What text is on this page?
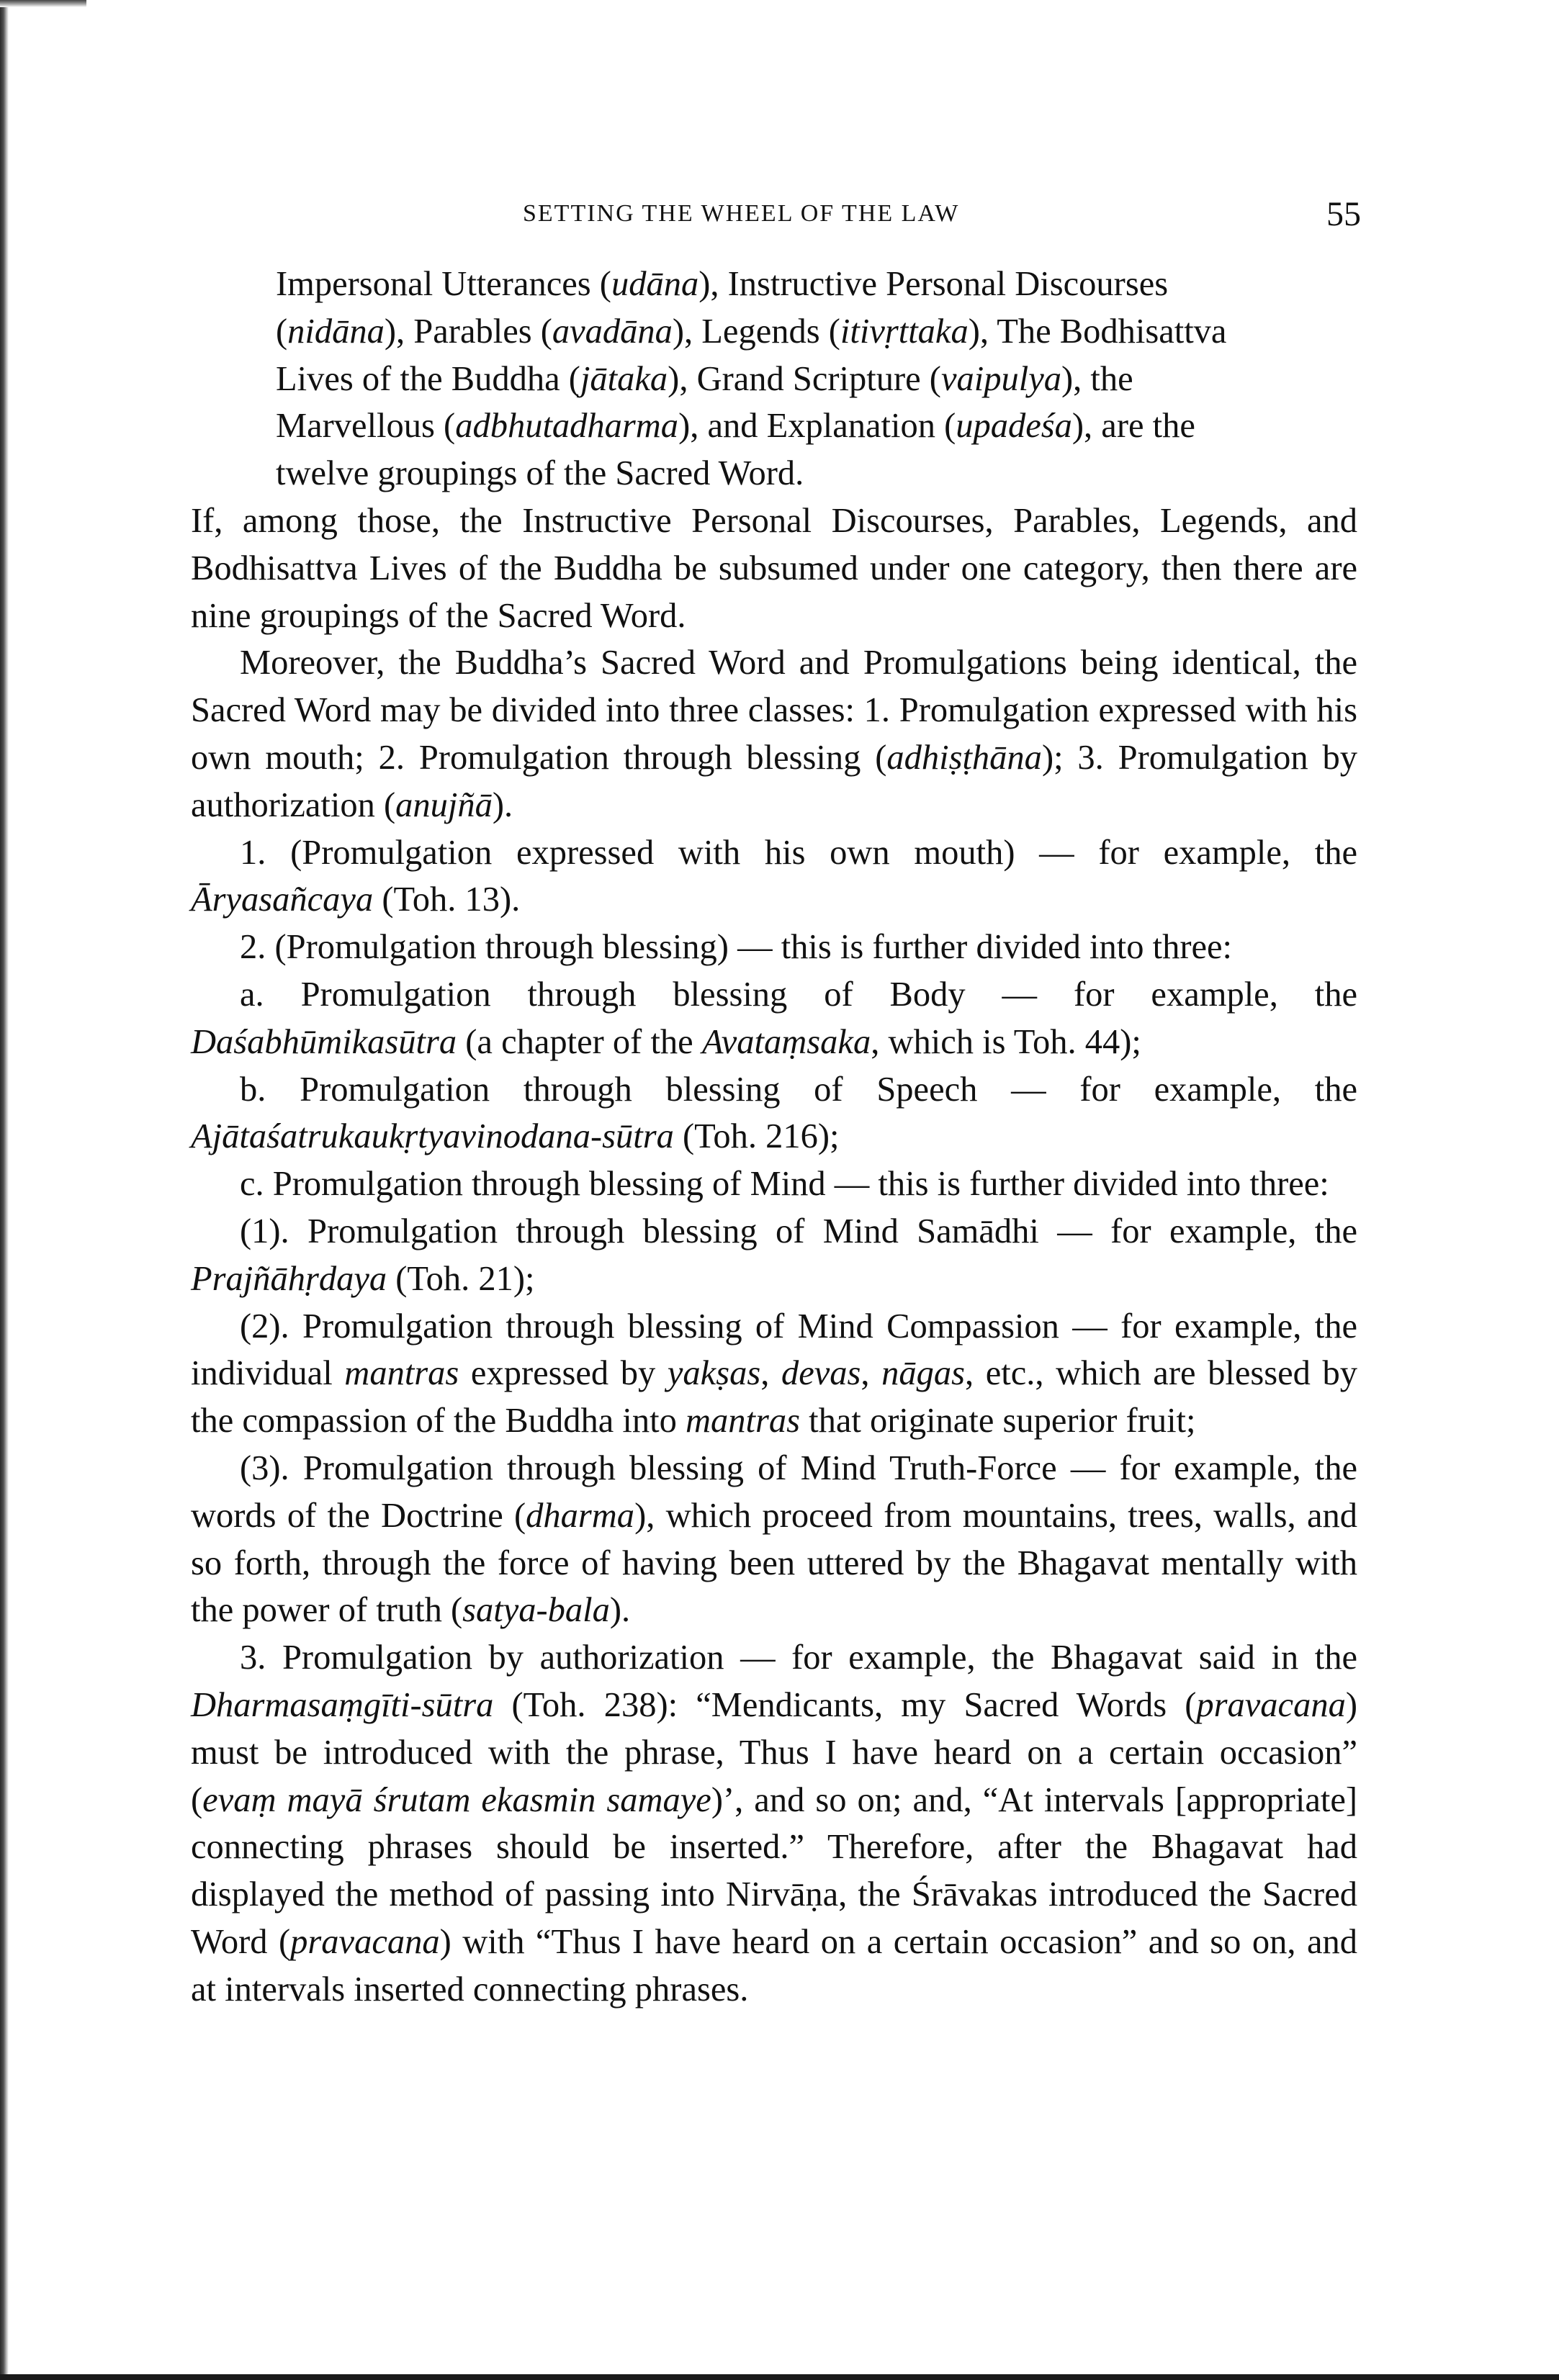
SETTING THE WHEEL OF THE LAW	55

Impersonal Utterances (udāna), Instructive Personal Discourses (nidāna), Parables (avadāna), Legends (itivṛttaka), The Bodhisattva Lives of the Buddha (jātaka), Grand Scripture (vaipulya), the Marvellous (adbhutadharma), and Explanation (upadeśa), are the twelve groupings of the Sacred Word.

If, among those, the Instructive Personal Discourses, Parables, Legends, and Bodhisattva Lives of the Buddha be subsumed under one category, then there are nine groupings of the Sacred Word.

Moreover, the Buddha’s Sacred Word and Promulgations being identical, the Sacred Word may be divided into three classes: 1. Promulgation expressed with his own mouth; 2. Promulgation through blessing (adhiṣṭhāna); 3. Promulgation by authorization (anujñā).

1. (Promulgation expressed with his own mouth) — for example, the Āryasañcaya (Toh. 13).

2. (Promulgation through blessing) — this is further divided into three:

a. Promulgation through blessing of Body — for example, the Daśabhūmikasūtra (a chapter of the Avataṃsaka, which is Toh. 44);

b. Promulgation through blessing of Speech — for example, the Ajātaśatrukaukṛtyavinodana-sūtra (Toh. 216);

c. Promulgation through blessing of Mind — this is further divided into three:

(1). Promulgation through blessing of Mind Samādhi — for example, the Prajñāhṛdaya (Toh. 21);

(2). Promulgation through blessing of Mind Compassion — for example, the individual mantras expressed by yakṣas, devas, nāgas, etc., which are blessed by the compassion of the Buddha into mantras that originate superior fruit;

(3). Promulgation through blessing of Mind Truth-Force — for example, the words of the Doctrine (dharma), which proceed from mountains, trees, walls, and so forth, through the force of having been uttered by the Bhagavat mentally with the power of truth (satya-bala).

3. Promulgation by authorization — for example, the Bhagavat said in the Dharmasaṃgīti-sūtra (Toh. 238): “Mendicants, my Sacred Words (pravacana) must be introduced with the phrase, Thus I have heard on a certain occasion” (evaṃ mayā śrutam ekasmin samaye)’, and so on; and, “At intervals [appropriate] connecting phrases should be inserted.” Therefore, after the Bhagavat had displayed the method of passing into Nirvāṇa, the Śrāvakas introduced the Sacred Word (pravacana) with “Thus I have heard on a certain occasion” and so on, and at intervals inserted connecting phrases.
